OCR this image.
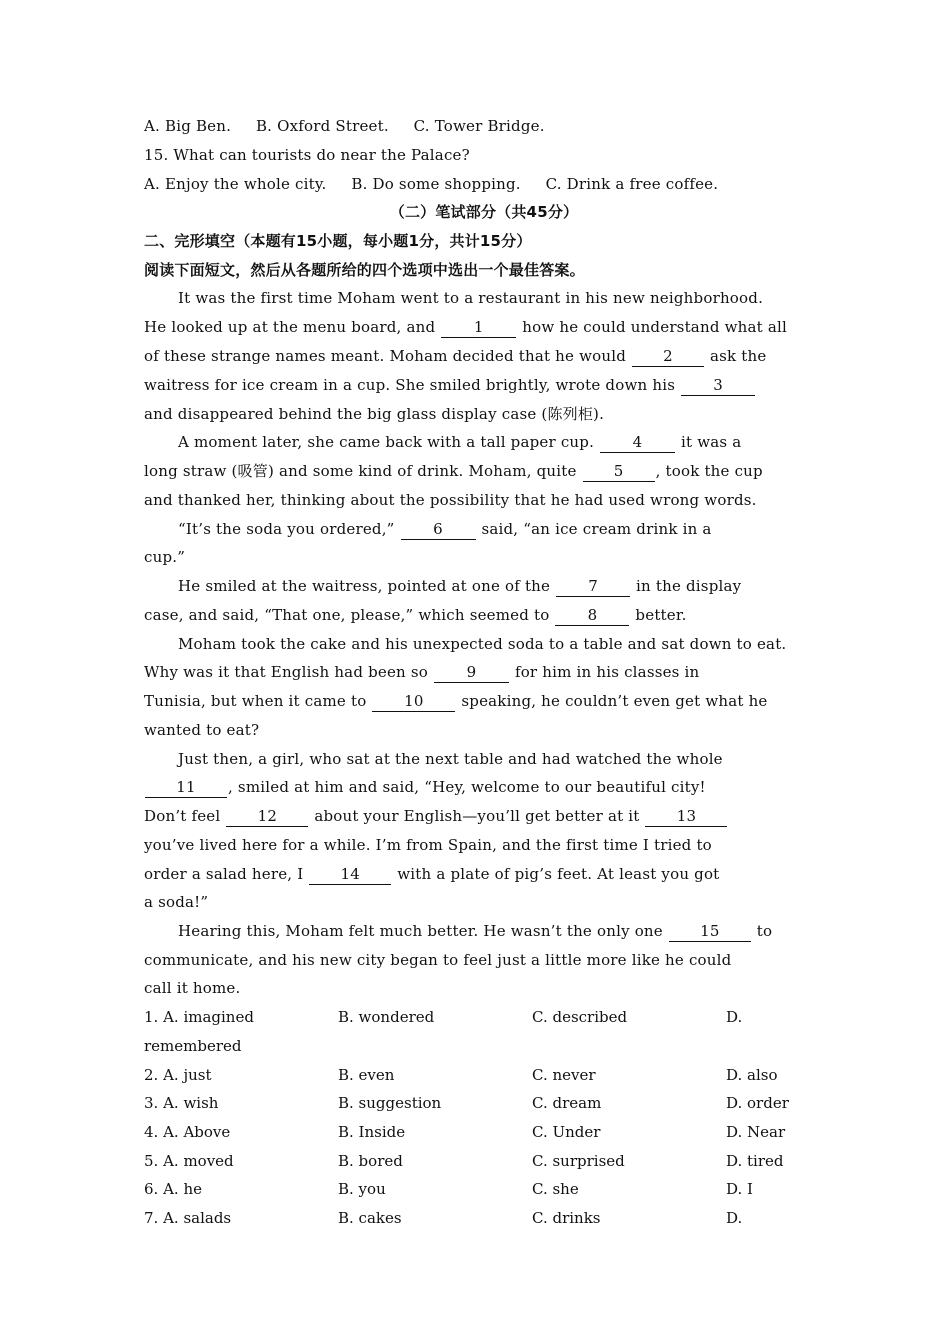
A. Big Ben. B. Oxford Street. C. Tower Bridge.
15. What can tourists do near the Palace?
A. Enjoy the whole city. B. Do some shopping. C. Drink a free coffee.
（二）笔试部分（共45分）
二、完形填空（本题有15小题，每小题1分，共计15分）
阅读下面短文，然后从各题所给的四个选项中选出一个最佳答案。
It was the first time Moham went to a restaurant in his new neighborhood.
He looked up at the menu board, and 1 how he could understand what all
of these strange names meant. Moham decided that he would 2 ask the
waitress for ice cream in a cup. She smiled brightly, wrote down his 3
and disappeared behind the big glass display case (陈列柜).
A moment later, she came back with a tall paper cup. 4 it was a
long straw (吸管) and some kind of drink. Moham, quite 5 , took the cup
and thanked her, thinking about the possibility that he had used wrong words.
“It’s the soda you ordered,” 6 said, “an ice cream drink in a
cup.”
He smiled at the waitress, pointed at one of the 7 in the display
case, and said, “That one, please,” which seemed to 8 better.
Moham took the cake and his unexpected soda to a table and sat down to eat.
Why was it that English had been so 9 for him in his classes in
Tunisia, but when it came to 10 speaking, he couldn’t even get what he
wanted to eat?
Just then, a girl, who sat at the next table and had watched the whole
11 , smiled at him and said, “Hey, welcome to our beautiful city!
Don’t feel 12 about your English—you’ll get better at it 13
you’ve lived here for a while. I’m from Spain, and the first time I tried to
order a salad here, I 14 with a plate of pig’s feet. At least you got
a soda!”
Hearing this, Moham felt much better. He wasn’t the only one 15 to
communicate, and his new city began to feel just a little more like he could
call it home.
1. A. imagined	B. wondered	C. described	D.
remembered
2. A. just	B. even	C. never	D. also
3. A. wish	B. suggestion	C. dream	D. order
4. A. Above	B. Inside	C. Under	D. Near
5. A. moved	B. bored	C. surprised	D. tired
6. A. he	B. you	C. she	D. I
7. A. salads	B. cakes	C. drinks	D.
